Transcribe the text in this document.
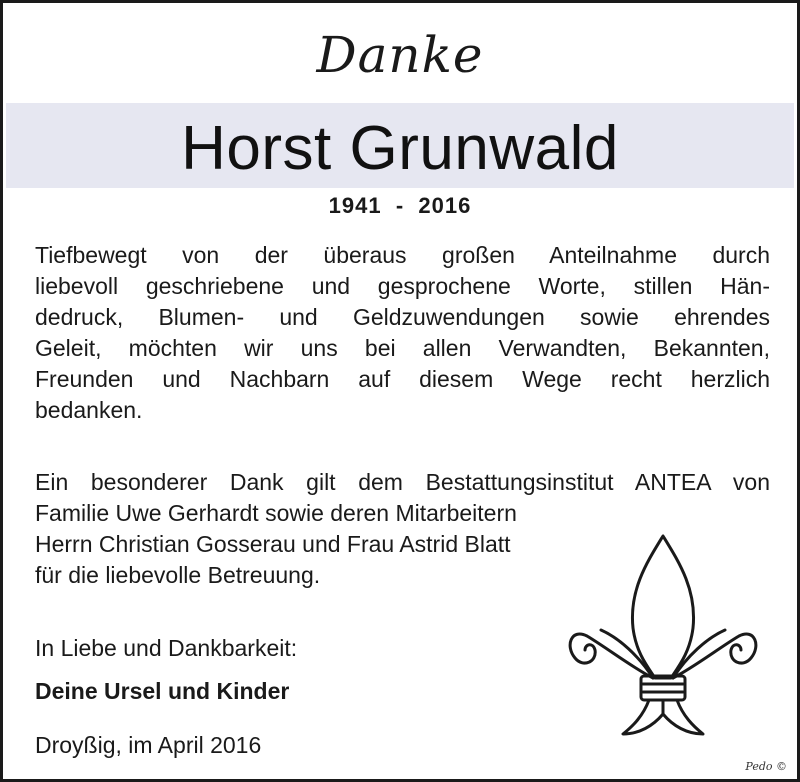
Danke
Horst Grunwald
1941  -  2016
Tiefbewegt von der überaus großen Anteilnahme durch
liebevoll geschriebene und gesprochene Worte, stillen Hän-
dedruck, Blumen- und Geldzuwendungen sowie ehrendes
Geleit, möchten wir uns bei allen Verwandten, Bekannten,
Freunden und Nachbarn auf diesem Wege recht herzlich
bedanken.
Ein besonderer Dank gilt dem Bestattungsinstitut ANTEA von
Familie Uwe Gerhardt sowie deren Mitarbeitern
Herrn Christian Gosserau und Frau Astrid Blatt
für die liebevolle Betreuung.
In Liebe und Dankbarkeit:
Deine Ursel und Kinder
Droyßig, im April 2016
Pedo ©
